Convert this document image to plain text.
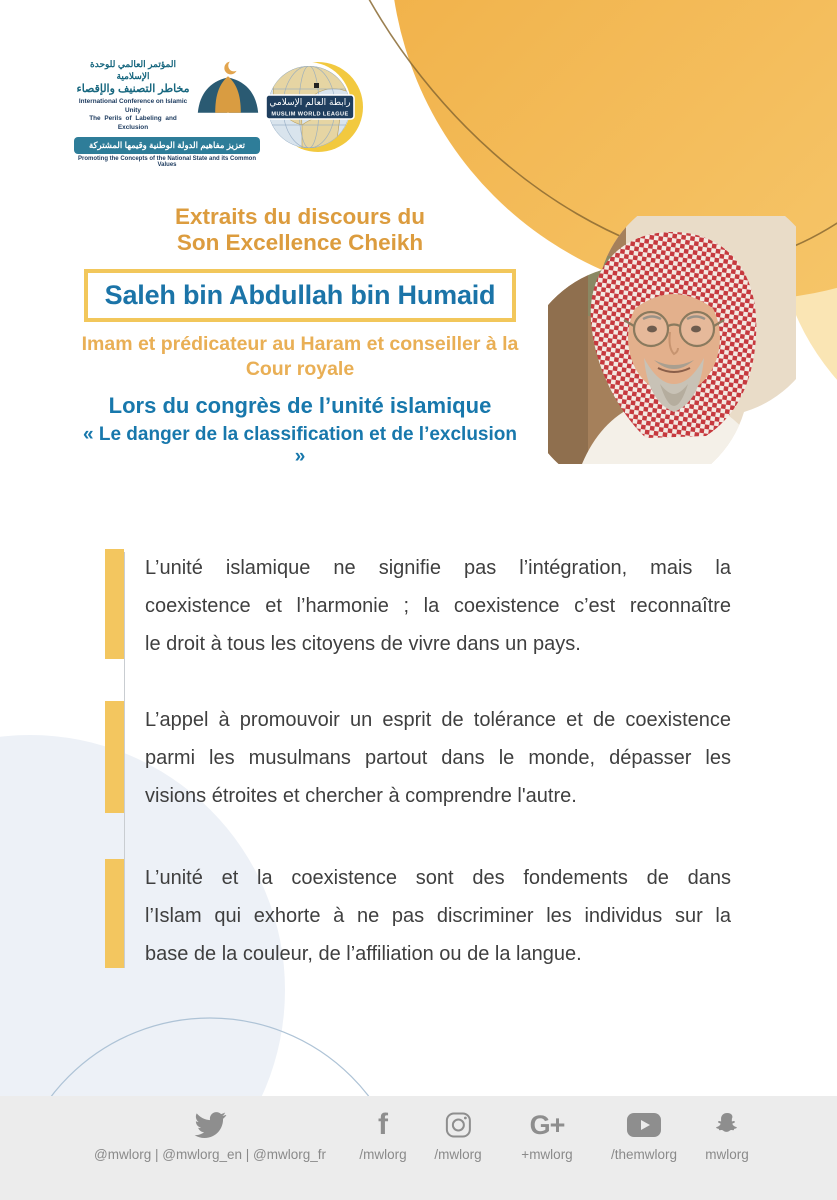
المؤتمر العالمي للوحدة الإسلامية
مخاطر التصنيف والإقصاء
International Conference on Islamic Unity
The Perils of Labeling and Exclusion
تعزيز مفاهيم الدولة الوطنية وقيمها المشتركة
Promoting the Concepts of the National State and its Common Values
رابطة العالم الإسلامي
MUSLIM WORLD LEAGUE
Extraits du discours du
Son Excellence Cheikh
Saleh bin Abdullah bin Humaid
Imam et prédicateur au Haram et conseiller à la
Cour royale
Lors du congrès de l’unité islamique
« Le danger de la classification et de l’exclusion »
L’unité islamique ne signifie pas l’intégration, mais la
coexistence et l’harmonie ; la coexistence c’est reconnaître
le droit à tous les citoyens de vivre dans un pays.
L’appel à promouvoir un esprit de tolérance et de coexistence
parmi les musulmans partout dans le monde, dépasser les
visions étroites et chercher à comprendre l'autre.
L’unité et la coexistence sont des fondements de dans
l’Islam qui exhorte à ne pas discriminer les individus sur la
base de la couleur, de l’affiliation ou de la langue.
@mwlorg | @mwlorg_en | @mwlorg_fr
f
/mwlorg /mwlorg
G+
+mwlorg	/themwlorg mwlorg
